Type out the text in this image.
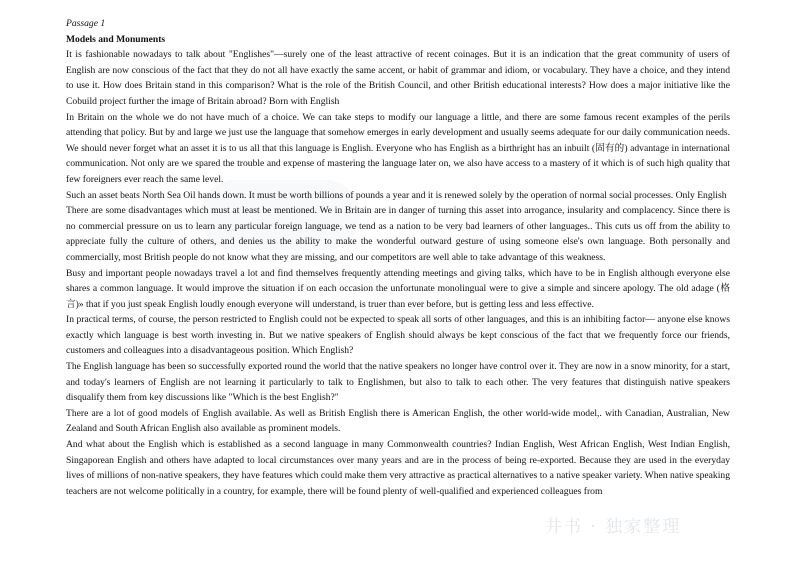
Passage 1
Models and Monuments

It is fashionable nowadays to talk about "Englishes"—surely one of the least attractive of recent coinages. But it is an indication that the great community of users of English are now conscious of the fact that they do not all have exactly the same accent, or habit of grammar and idiom, or vocabulary. They have a choice, and they intend to use it. How does Britain stand in this comparison? What is the role of the British Council, and other British educational interests? How does a major initiative like the Cobuild project further the image of Britain abroad? Born with English

In Britain on the whole we do not have much of a choice. We can take steps to modify our language a little, and there are some famous recent examples of the perils attending that policy. But by and large we just use the language that somehow emerges in early development and usually seems adequate for our daily communication needs.

We should never forget what an asset it is to us all that this language is English. Everyone who has English as a birthright has an inbuilt (固有的) advantage in international communication. Not only are we spared the trouble and expense of mastering the language later on, we also have access to a mastery of it which is of such high quality that few foreigners ever reach the same level.

Such an asset beats North Sea Oil hands down. It must be worth billions of pounds a year and it is renewed solely by the operation of normal social processes. Only English

There are some disadvantages which must at least be mentioned. We in Britain are in danger of turning this asset into arrogance, insularity and complacency. Since there is no commercial pressure on us to learn any particular foreign language, we tend as a nation to be very bad learners of other languages.. This cuts us off from the ability to appreciate fully the culture of others, and denies us the ability to make the wonderful outward gesture of using someone else's own language. Both personally and commercially, most British people do not know what they are missing, and our competitors are well able to take advantage of this weakness.

Busy and important people nowadays travel a lot and find themselves frequently attending meetings and giving talks, which have to be in English although everyone else shares a common language. It would improve the situation if on each occasion the unfortunate monolingual were to give a simple and sincere apology. The old adage (格言)» that if you just speak English loudly enough everyone will understand, is truer than ever before, but is getting less and less effective.

In practical terms, of course, the person restricted to English could not be expected to speak all sorts of other languages, and this is an inhibiting factor— anyone else knows exactly which language is best worth investing in. But we native speakers of English should always be kept conscious of the fact that we frequently force our friends, customers and colleagues into a disadvantageous position. Which English?

The English language has been so successfully exported round the world that the native speakers no longer have control over it. They are now in a snow minority, for a start, and today's learners of English are not learning it particularly to talk to Englishmen, but also to talk to each other. The very features that distinguish native speakers disqualify them from key discussions like "Which is the best English?"

There are a lot of good models of English available. As well as British English there is American English, the other world-wide model,. with Canadian, Australian, New Zealand and South African English also available as prominent models.

And what about the English which is established as a second language in many Commonwealth countries? Indian English, West African English, West Indian English, Singaporean English and others have adapted to local circumstances over many years and are in the process of being re-exported. Because they are used in the everyday lives of millions of non-native speakers, they have features which could make them very attractive as practical alternatives to a native speaker variety. When native speaking teachers are not welcome politically in a country, for example, there will be found plenty of well-qualified and experienced colleagues from

井书 · 独家整理
